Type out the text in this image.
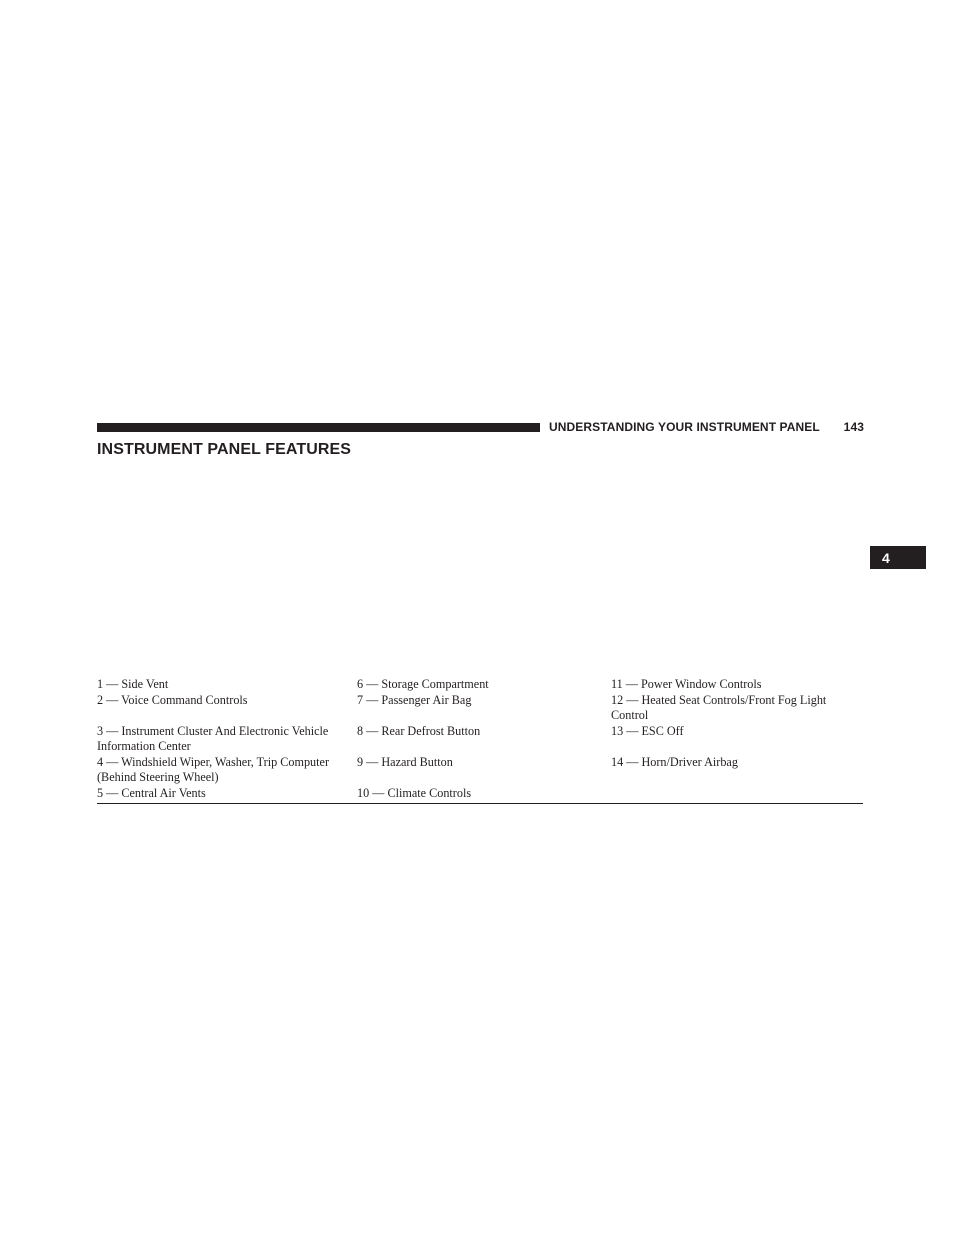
UNDERSTANDING YOUR INSTRUMENT PANEL 143
INSTRUMENT PANEL FEATURES
4
1 — Side Vent	6 — Storage Compartment	11 — Power Window Controls
2 — Voice Command Controls	7 — Passenger Air Bag	12 — Heated Seat Controls/Front Fog Light Control
3 — Instrument Cluster And Electronic Vehicle Information Center	8 — Rear Defrost Button	13 — ESC Off
4 — Windshield Wiper, Washer, Trip Computer (Behind Steering Wheel)	9 — Hazard Button	14 — Horn/Driver Airbag
5 — Central Air Vents	10 — Climate Controls	
